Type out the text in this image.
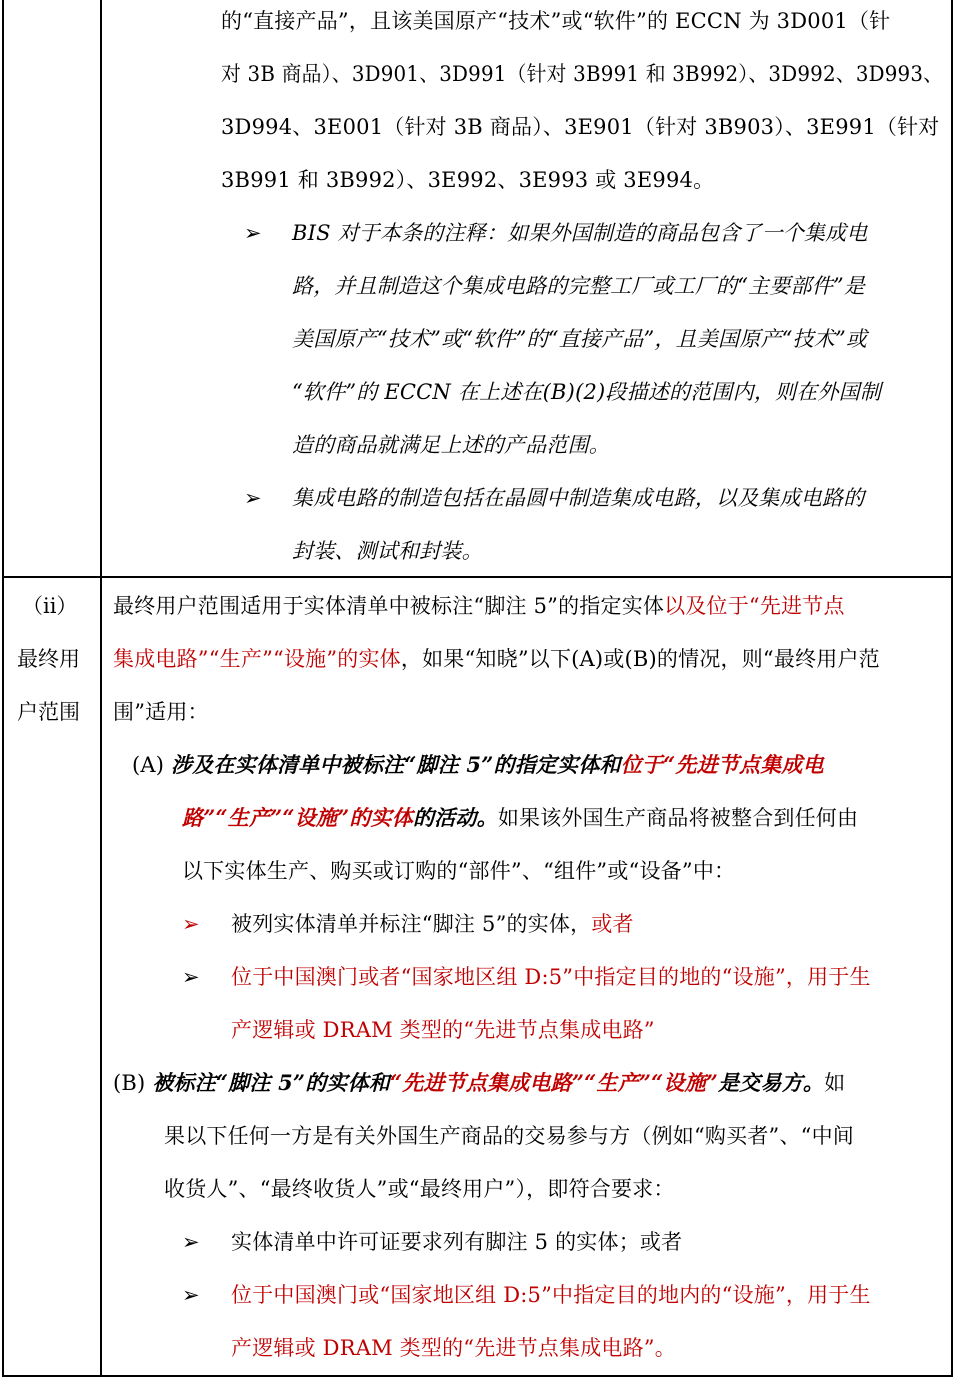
的“直接产品”，且该美国原产“技术”或“软件”的 ECCN 为 3D001（针
对 3B 商品）、3D901、3D991（针对 3B991 和 3B992）、3D992、3D993、
3D994、3E001（针对 3B 商品）、3E901（针对 3B903）、3E991（针对
3B991 和 3B992）、3E992、3E993 或 3E994。
➢ BIS 对于本条的注释：如果外国制造的商品包含了一个集成电
路，并且制造这个集成电路的完整工厂或工厂的“主要部件”是
美国原产“技术”或“软件”的“直接产品”，且美国原产“技术”或
“软件”的 ECCN 在上述在(B)(2)段描述的范围内，则在外国制
造的商品就满足上述的产品范围。
➢ 集成电路的制造包括在晶圆中制造集成电路，以及集成电路的
封装、测试和封装。
（ii）
最终用
户范围
最终用户范围适用于实体清单中被标注“脚注 5”的指定实体以及位于“先进节点
集成电路”“生产”“设施”的实体，如果“知晓”以下(A)或(B)的情况，则“最终用户范
围”适用：
(A) 涉及在实体清单中被标注“脚注 5”的指定实体和位于“先进节点集成电
路”“生产”“设施”的实体的活动。如果该外国生产商品将被整合到任何由
以下实体生产、购买或订购的“部件”、“组件”或“设备”中：
➢ 被列实体清单并标注“脚注 5”的实体，或者
➢ 位于中国澳门或者“国家地区组 D:5”中指定目的地的“设施”，用于生
产逻辑或 DRAM 类型的“先进节点集成电路”
(B) 被标注“脚注 5”的实体和“先进节点集成电路”“生产”“设施”是交易方。如
果以下任何一方是有关外国生产商品的交易参与方（例如“购买者”、“中间
收货人”、“最终收货人”或“最终用户”），即符合要求：
➢ 实体清单中许可证要求列有脚注 5 的实体；或者
➢ 位于中国澳门或“国家地区组 D:5”中指定目的地内的“设施”，用于生
产逻辑或 DRAM 类型的“先进节点集成电路”。
